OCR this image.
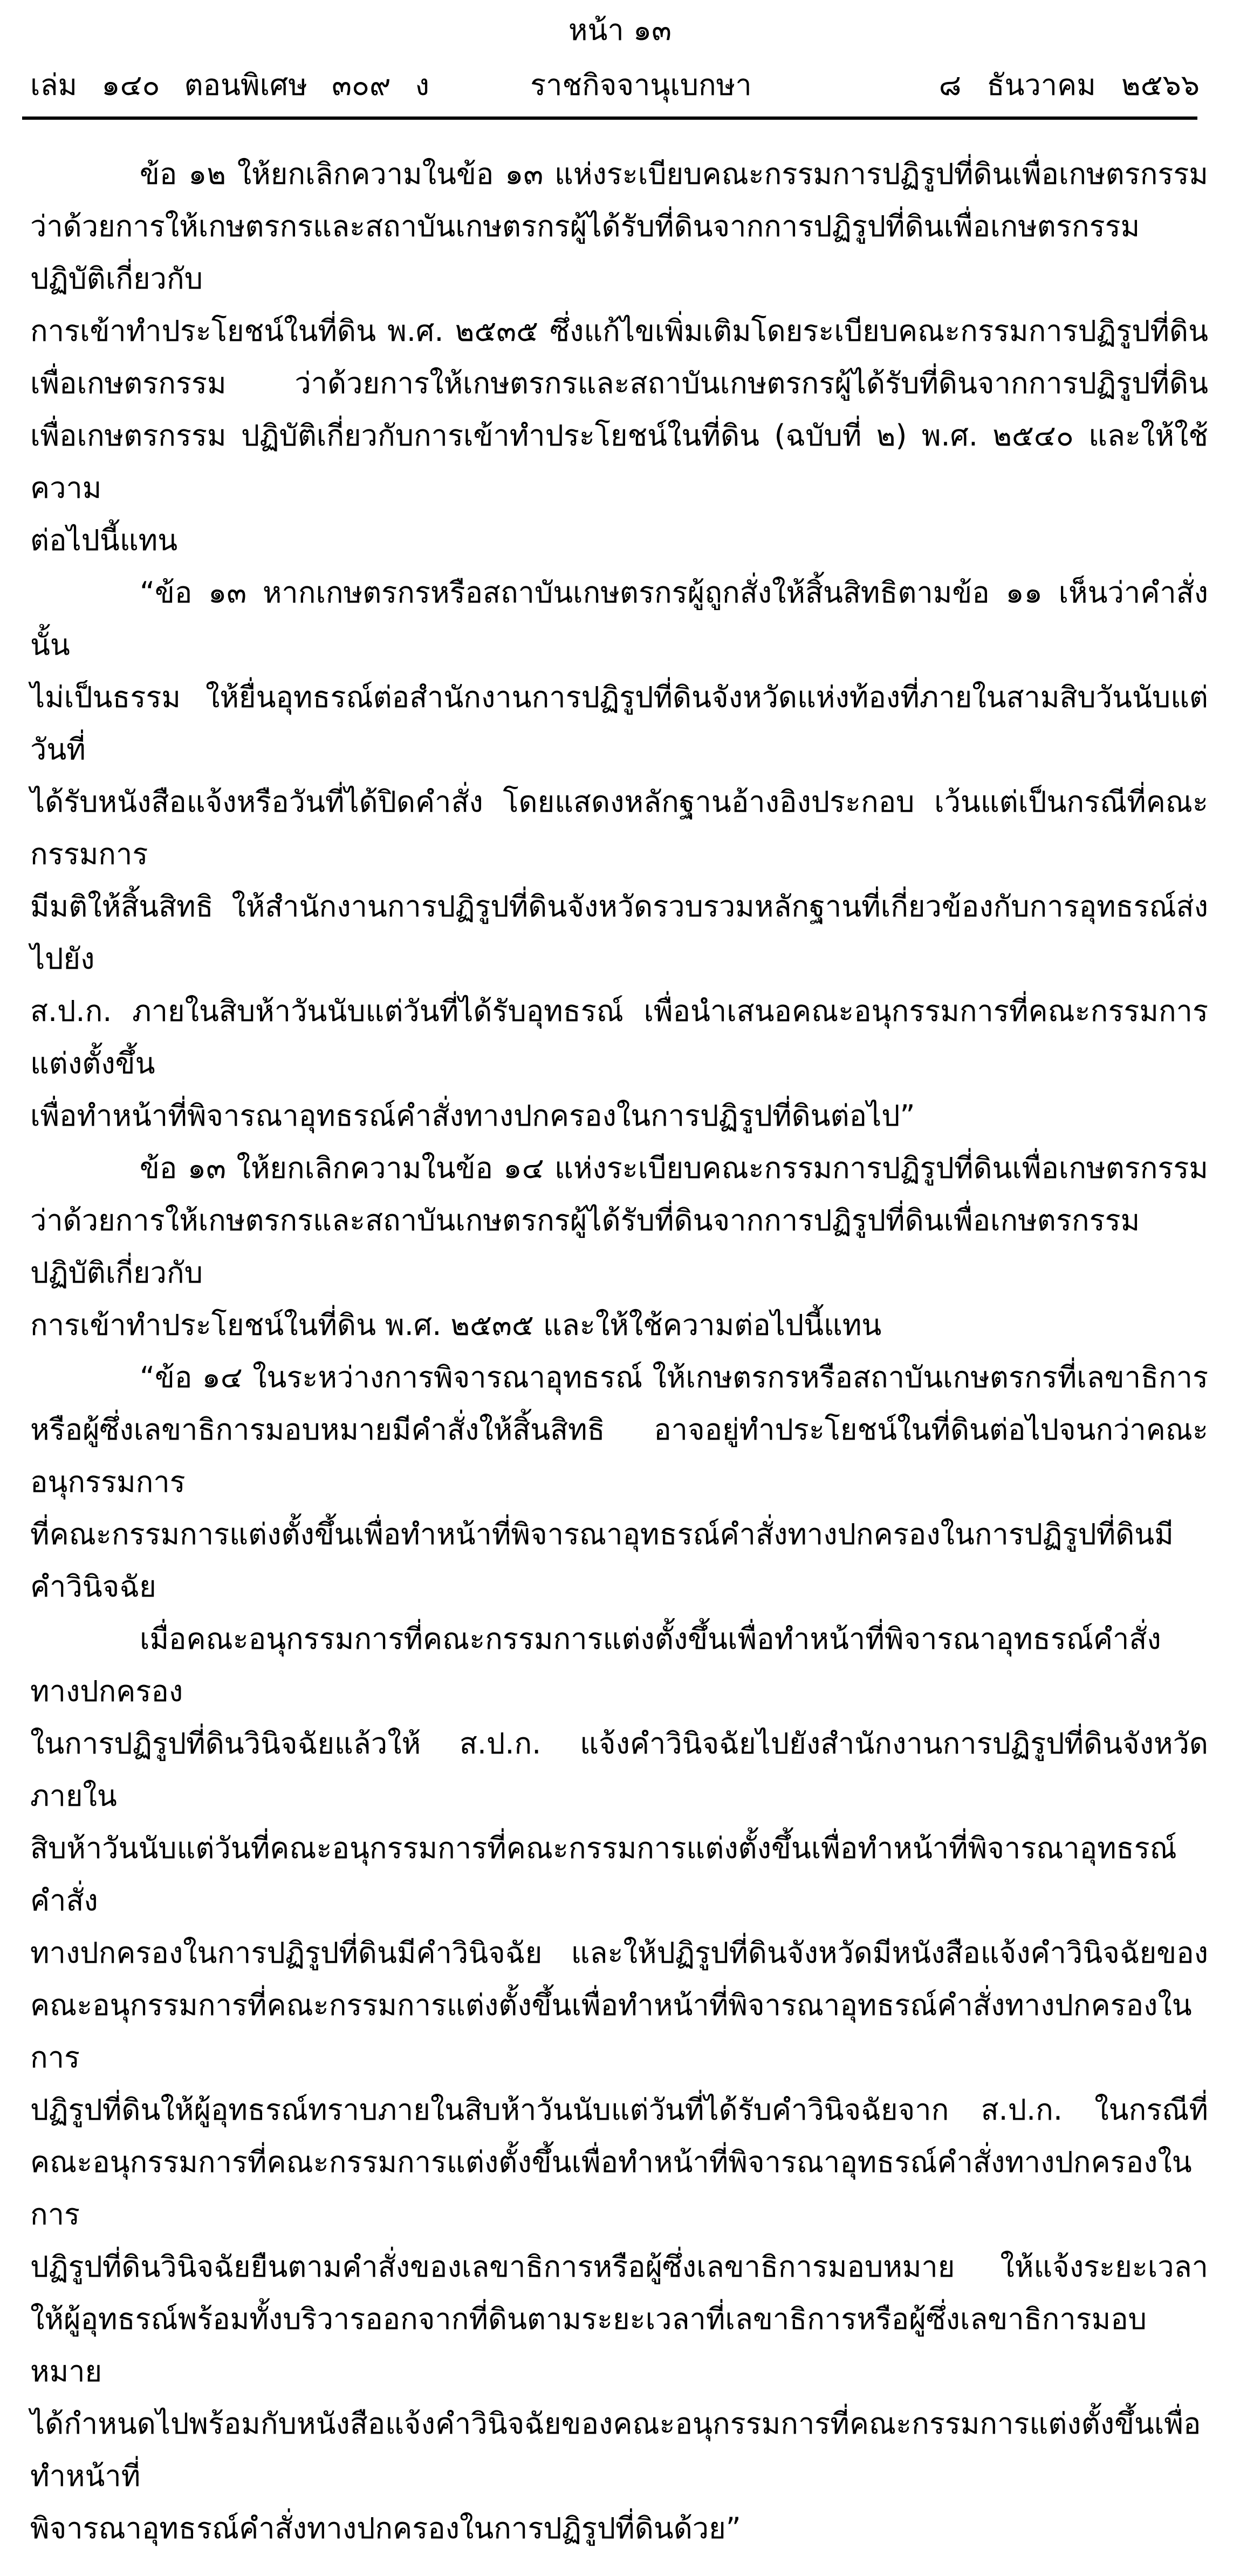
หน้า ๑๓
เล่ม ๑๔๐ ตอนพิเศษ ๓๐๙ ง	ราชกิจจานุเบกษา	๘ ธันวาคม ๒๕๖๖

ข้อ ๑๒ ให้ยกเลิกความในข้อ ๑๓ แห่งระเบียบคณะกรรมการปฏิรูปที่ดินเพื่อเกษตรกรรม
ว่าด้วยการให้เกษตรกรและสถาบันเกษตรกรผู้ได้รับที่ดินจากการปฏิรูปที่ดินเพื่อเกษตรกรรม ปฏิบัติเกี่ยวกับ
การเข้าทำประโยชน์ในที่ดิน พ.ศ. ๒๕๓๕ ซึ่งแก้ไขเพิ่มเติมโดยระเบียบคณะกรรมการปฏิรูปที่ดิน
เพื่อเกษตรกรรม ว่าด้วยการให้เกษตรกรและสถาบันเกษตรกรผู้ได้รับที่ดินจากการปฏิรูปที่ดิน
เพื่อเกษตรกรรม ปฏิบัติเกี่ยวกับการเข้าทำประโยชน์ในที่ดิน (ฉบับที่ ๒) พ.ศ. ๒๕๔๐ และให้ใช้ความ
ต่อไปนี้แทน

“ข้อ ๑๓ หากเกษตรกรหรือสถาบันเกษตรกรผู้ถูกสั่งให้สิ้นสิทธิตามข้อ ๑๑ เห็นว่าคำสั่งนั้น
ไม่เป็นธรรม ให้ยื่นอุทธรณ์ต่อสำนักงานการปฏิรูปที่ดินจังหวัดแห่งท้องที่ภายในสามสิบวันนับแต่วันที่
ได้รับหนังสือแจ้งหรือวันที่ได้ปิดคำสั่ง โดยแสดงหลักฐานอ้างอิงประกอบ เว้นแต่เป็นกรณีที่คณะกรรมการ
มีมติให้สิ้นสิทธิ ให้สำนักงานการปฏิรูปที่ดินจังหวัดรวบรวมหลักฐานที่เกี่ยวข้องกับการอุทธรณ์ส่งไปยัง
ส.ป.ก. ภายในสิบห้าวันนับแต่วันที่ได้รับอุทธรณ์ เพื่อนำเสนอคณะอนุกรรมการที่คณะกรรมการแต่งตั้งขึ้น
เพื่อทำหน้าที่พิจารณาอุทธรณ์คำสั่งทางปกครองในการปฏิรูปที่ดินต่อไป”

ข้อ ๑๓ ให้ยกเลิกความในข้อ ๑๔ แห่งระเบียบคณะกรรมการปฏิรูปที่ดินเพื่อเกษตรกรรม
ว่าด้วยการให้เกษตรกรและสถาบันเกษตรกรผู้ได้รับที่ดินจากการปฏิรูปที่ดินเพื่อเกษตรกรรม ปฏิบัติเกี่ยวกับ
การเข้าทำประโยชน์ในที่ดิน พ.ศ. ๒๕๓๕ และให้ใช้ความต่อไปนี้แทน

“ข้อ ๑๔ ในระหว่างการพิจารณาอุทธรณ์ ให้เกษตรกรหรือสถาบันเกษตรกรที่เลขาธิการ
หรือผู้ซึ่งเลขาธิการมอบหมายมีคำสั่งให้สิ้นสิทธิ อาจอยู่ทำประโยชน์ในที่ดินต่อไปจนกว่าคณะอนุกรรมการ
ที่คณะกรรมการแต่งตั้งขึ้นเพื่อทำหน้าที่พิจารณาอุทธรณ์คำสั่งทางปกครองในการปฏิรูปที่ดินมีคำวินิจฉัย

เมื่อคณะอนุกรรมการที่คณะกรรมการแต่งตั้งขึ้นเพื่อทำหน้าที่พิจารณาอุทธรณ์คำสั่งทางปกครอง
ในการปฏิรูปที่ดินวินิจฉัยแล้วให้ ส.ป.ก. แจ้งคำวินิจฉัยไปยังสำนักงานการปฏิรูปที่ดินจังหวัดภายใน
สิบห้าวันนับแต่วันที่คณะอนุกรรมการที่คณะกรรมการแต่งตั้งขึ้นเพื่อทำหน้าที่พิจารณาอุทธรณ์คำสั่ง
ทางปกครองในการปฏิรูปที่ดินมีคำวินิจฉัย และให้ปฏิรูปที่ดินจังหวัดมีหนังสือแจ้งคำวินิจฉัยของ
คณะอนุกรรมการที่คณะกรรมการแต่งตั้งขึ้นเพื่อทำหน้าที่พิจารณาอุทธรณ์คำสั่งทางปกครองในการ
ปฏิรูปที่ดินให้ผู้อุทธรณ์ทราบภายในสิบห้าวันนับแต่วันที่ได้รับคำวินิจฉัยจาก ส.ป.ก. ในกรณีที่
คณะอนุกรรมการที่คณะกรรมการแต่งตั้งขึ้นเพื่อทำหน้าที่พิจารณาอุทธรณ์คำสั่งทางปกครองในการ
ปฏิรูปที่ดินวินิจฉัยยืนตามคำสั่งของเลขาธิการหรือผู้ซึ่งเลขาธิการมอบหมาย ให้แจ้งระยะเวลา
ให้ผู้อุทธรณ์พร้อมทั้งบริวารออกจากที่ดินตามระยะเวลาที่เลขาธิการหรือผู้ซึ่งเลขาธิการมอบหมาย
ได้กำหนดไปพร้อมกับหนังสือแจ้งคำวินิจฉัยของคณะอนุกรรมการที่คณะกรรมการแต่งตั้งขึ้นเพื่อทำหน้าที่
พิจารณาอุทธรณ์คำสั่งทางปกครองในการปฏิรูปที่ดินด้วย”
